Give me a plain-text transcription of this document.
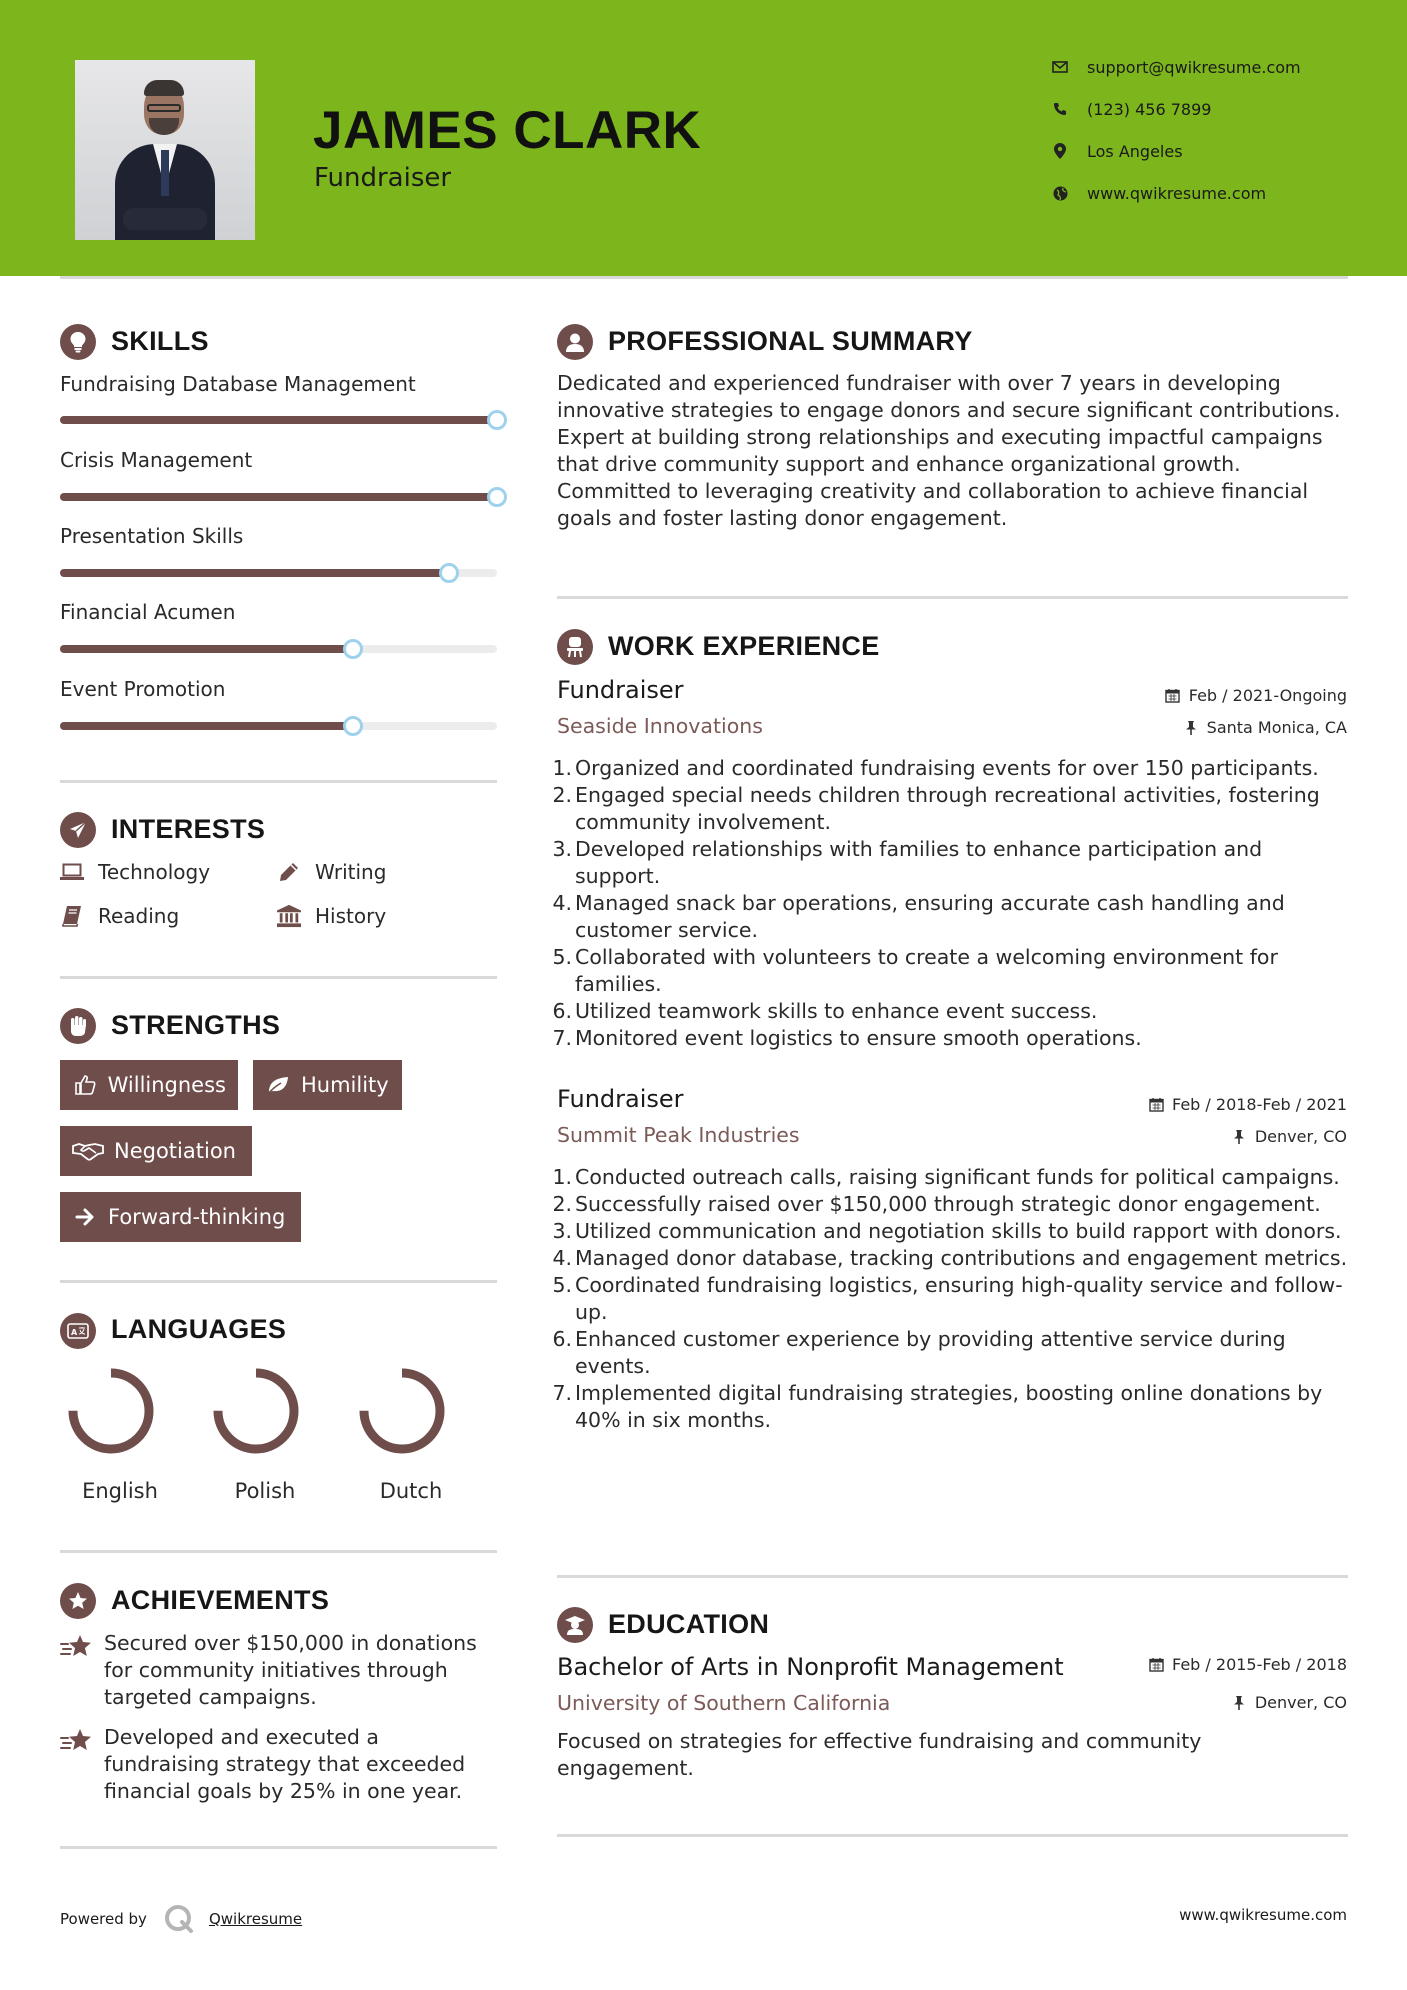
JAMES CLARK
Fundraiser
support@qwikresume.com
(123) 456 7899
Los Angeles
www.qwikresume.com
SKILLS
Fundraising Database Management
Crisis Management
Presentation Skills
Financial Acumen
Event Promotion
INTERESTS
Technology	Writing
Reading	History
STRENGTHS
Willingness	Humility
Negotiation
Forward-thinking
A LANGUAGES
English	Polish	Dutch
ACHIEVEMENTS
Secured over $150,000 in donations for community initiatives through targeted campaigns.
Developed and executed a fundraising strategy that exceeded financial goals by 25% in one year.
PROFESSIONAL SUMMARY
Dedicated and experienced fundraiser with over 7 years in developing innovative strategies to engage donors and secure significant contributions. Expert at building strong relationships and executing impactful campaigns that drive community support and enhance organizational growth. Committed to leveraging creativity and collaboration to achieve financial goals and foster lasting donor engagement.
WORK EXPERIENCE
Fundraiser	Feb / 2021-Ongoing
Seaside Innovations	Santa Monica, CA
1. Organized and coordinated fundraising events for over 150 participants.
2. Engaged special needs children through recreational activities, fostering community involvement.
3. Developed relationships with families to enhance participation and support.
4. Managed snack bar operations, ensuring accurate cash handling and customer service.
5. Collaborated with volunteers to create a welcoming environment for families.
6. Utilized teamwork skills to enhance event success.
7. Monitored event logistics to ensure smooth operations.
Fundraiser	Feb / 2018-Feb / 2021
Summit Peak Industries	Denver, CO
1. Conducted outreach calls, raising significant funds for political campaigns.
2. Successfully raised over $150,000 through strategic donor engagement.
3. Utilized communication and negotiation skills to build rapport with donors.
4. Managed donor database, tracking contributions and engagement metrics.
5. Coordinated fundraising logistics, ensuring high-quality service and follow-up.
6. Enhanced customer experience by providing attentive service during events.
7. Implemented digital fundraising strategies, boosting online donations by 40% in six months.
EDUCATION
Bachelor of Arts in Nonprofit Management	Feb / 2015-Feb / 2018
University of Southern California	Denver, CO
Focused on strategies for effective fundraising and community engagement.
Powered by	Qwikresume	www.qwikresume.com
